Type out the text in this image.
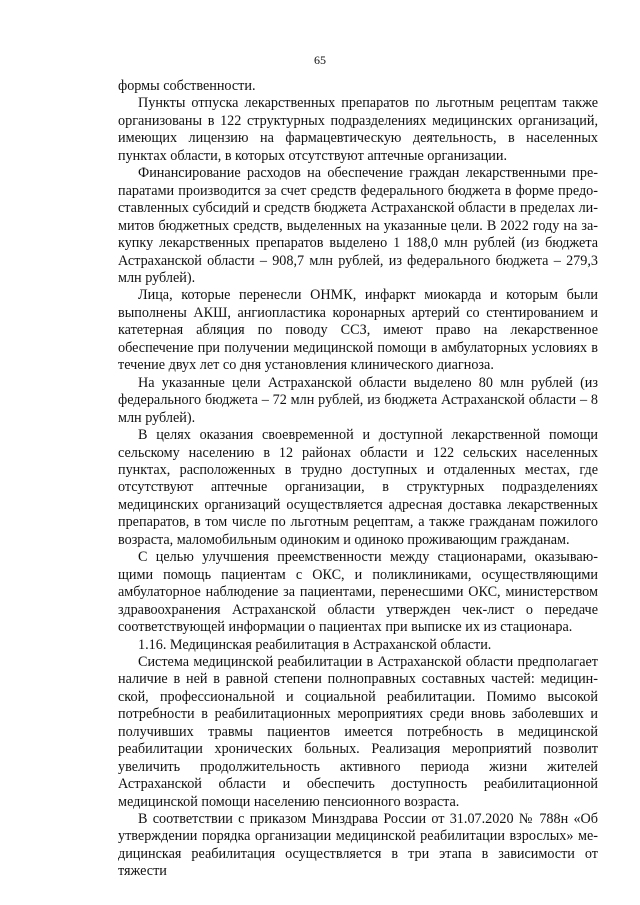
65

формы собственности.

Пункты отпуска лекарственных препаратов по льготным рецептам также организованы в 122 структурных подразделениях медицинских организаций, имеющих лицензию на фармацевтическую деятельность, в населенных пунктах области, в которых отсутствуют аптечные организации.

Финансирование расходов на обеспечение граждан лекарственными препаратами производится за счет средств федерального бюджета в форме предоставленных субсидий и средств бюджета Астраханской области в пределах лимитов бюджетных средств, выделенных на указанные цели. В 2022 году на закупку лекарственных препаратов выделено 1 188,0 млн рублей (из бюджета Астраханской области – 908,7 млн рублей, из федерального бюджета – 279,3 млн рублей).

Лица, которые перенесли ОНМК, инфаркт миокарда и которым были выполнены АКШ, ангиопластика коронарных артерий со стентированием и катетерная абляция по поводу ССЗ, имеют право на лекарственное обеспечение при получении медицинской помощи в амбулаторных условиях в течение двух лет со дня установления клинического диагноза.

На указанные цели Астраханской области выделено 80 млн рублей (из федерального бюджета – 72 млн рублей, из бюджета Астраханской области – 8 млн рублей).

В целях оказания своевременной и доступной лекарственной помощи сельскому населению в 12 районах области и 122 сельских населенных пунктах, расположенных в трудно доступных и отдаленных местах, где отсутствуют аптечные организации, в структурных подразделениях медицинских организаций осуществляется адресная доставка лекарственных препаратов, в том числе по льготным рецептам, а также гражданам пожилого возраста, маломобильным одиноким и одиноко проживающим гражданам.

С целью улучшения преемственности между стационарами, оказывающими помощь пациентам с ОКС, и поликлиниками, осуществляющими амбулаторное наблюдение за пациентами, перенесшими ОКС, министерством здравоохранения Астраханской области утвержден чек-лист о передаче соответствующей информации о пациентах при выписке их из стационара.

1.16. Медицинская реабилитация в Астраханской области.

Система медицинской реабилитации в Астраханской области предполагает наличие в ней в равной степени полноправных составных частей: медицинской, профессиональной и социальной реабилитации. Помимо высокой потребности в реабилитационных мероприятиях среди вновь заболевших и получивших травмы пациентов имеется потребность в медицинской реабилитации хронических больных. Реализация мероприятий позволит увеличить продолжительность активного периода жизни жителей Астраханской области и обеспечить доступность реабилитационной медицинской помощи населению пенсионного возраста.

В соответствии с приказом Минздрава России от 31.07.2020 № 788н «Об утверждении порядка организации медицинской реабилитации взрослых» медицинская реабилитация осуществляется в три этапа в зависимости от тяжести
